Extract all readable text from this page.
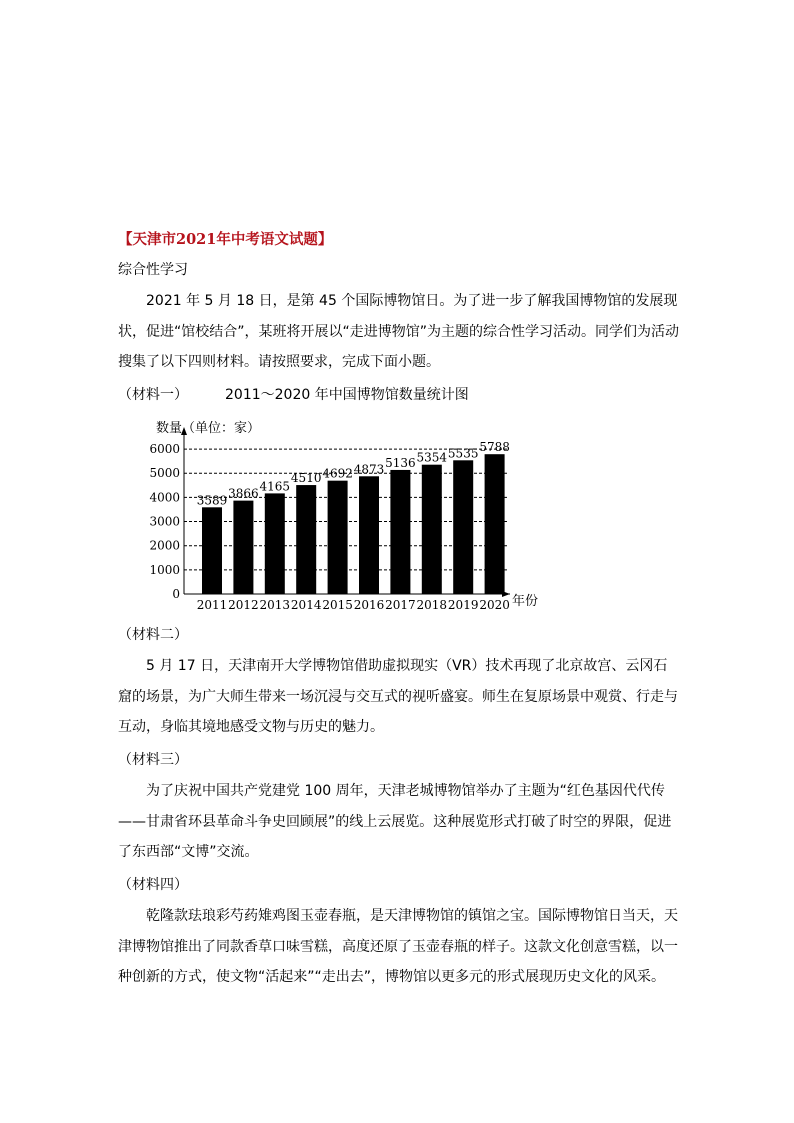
【天津市2021年中考语文试题】
综合性学习

2021 年 5 月 18 日，是第 45 个国际博物馆日。为了进一步了解我国博物馆的发展现状，促进“馆校结合”，某班将开展以“走进博物馆”为主题的综合性学习活动。同学们为活动搜集了以下四则材料。请按照要求，完成下面小题。

（材料一）	2011～2020 年中国博物馆数量统计图
0
1000
2000
3000
4000
5000
6000
3589
2011
3866
2012
4165
2013
4510
2014
4692
2015
4873
2016
5136
2017
5354
2018
5535
2019
5788
2020
数量（单位：家）
年份
（材料二）

5 月 17 日，天津南开大学博物馆借助虚拟现实（VR）技术再现了北京故宫、云冈石窟的场景，为广大师生带来一场沉浸与交互式的视听盛宴。师生在复原场景中观赏、行走与互动，身临其境地感受文物与历史的魅力。

（材料三）

为了庆祝中国共产党建党 100 周年，天津老城博物馆举办了主题为“红色基因代代传——甘肃省环县革命斗争史回顾展”的线上云展览。这种展览形式打破了时空的界限，促进了东西部“文博”交流。

（材料四）

乾隆款珐琅彩芍药雉鸡图玉壶春瓶，是天津博物馆的镇馆之宝。国际博物馆日当天，天津博物馆推出了同款香草口味雪糕，高度还原了玉壶春瓶的样子。这款文化创意雪糕，以一种创新的方式，使文物“活起来”“走出去”，博物馆以更多元的形式展现历史文化的风采。
